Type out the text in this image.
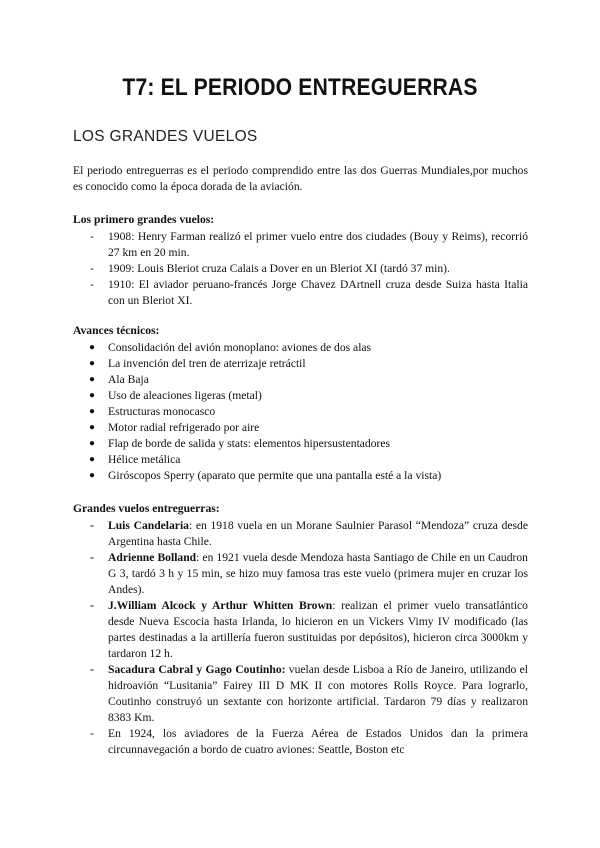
T7: EL PERIODO ENTREGUERRAS
LOS GRANDES VUELOS
El periodo entreguerras es el periodo comprendido entre las dos Guerras Mundiales,por muchos es conocido como la época dorada de la aviación.
Los primero grandes vuelos:
- 1908: Henry Farman realizó el primer vuelo entre dos ciudades (Bouy y Reims), recorrió 27 km en 20 min.
- 1909: Louis Bleriot cruza Calais a Dover en un Bleriot XI (tardó 37 min).
- 1910: El aviador peruano-francés Jorge Chavez DArtnell cruza desde Suiza hasta Italia con un Bleriot XI.
Avances técnicos:
● Consolidación del avión monoplano: aviones de dos alas
● La invención del tren de aterrizaje retráctil
● Ala Baja
● Uso de aleaciones ligeras (metal)
● Estructuras monocasco
● Motor radial refrigerado por aire
● Flap de borde de salida y stats: elementos hipersustentadores
● Hélice metálica
● Giróscopos Sperry (aparato que permite que una pantalla esté a la vista)
Grandes vuelos entreguerras:
- Luis Candelaria: en 1918 vuela en un Morane Saulnier Parasol “Mendoza” cruza desde Argentina hasta Chile.
- Adrienne Bolland: en 1921 vuela desde Mendoza hasta Santiago de Chile en un Caudron G 3, tardó 3 h y 15 min, se hizo muy famosa tras este vuelo (primera mujer en cruzar los Andes).
- J.William Alcock y Arthur Whitten Brown: realizan el primer vuelo transatlántico desde Nueva Escocia hasta Irlanda, lo hicieron en un Vickers Vimy IV modificado (las partes destinadas a la artillería fueron sustituidas por depósitos), hicieron circa 3000km y tardaron 12 h.
- Sacadura Cabral y Gago Coutinho: vuelan desde Lisboa a Río de Janeiro, utilizando el hidroavión “Lusitania” Fairey III D MK II con motores Rolls Royce. Para lograrlo, Coutinho construyó un sextante con horizonte artificial. Tardaron 79 días y realizaron 8383 Km.
- En 1924, los aviadores de la Fuerza Aérea de Estados Unidos dan la primera circunnavegación a bordo de cuatro aviones: Seattle, Boston etc
